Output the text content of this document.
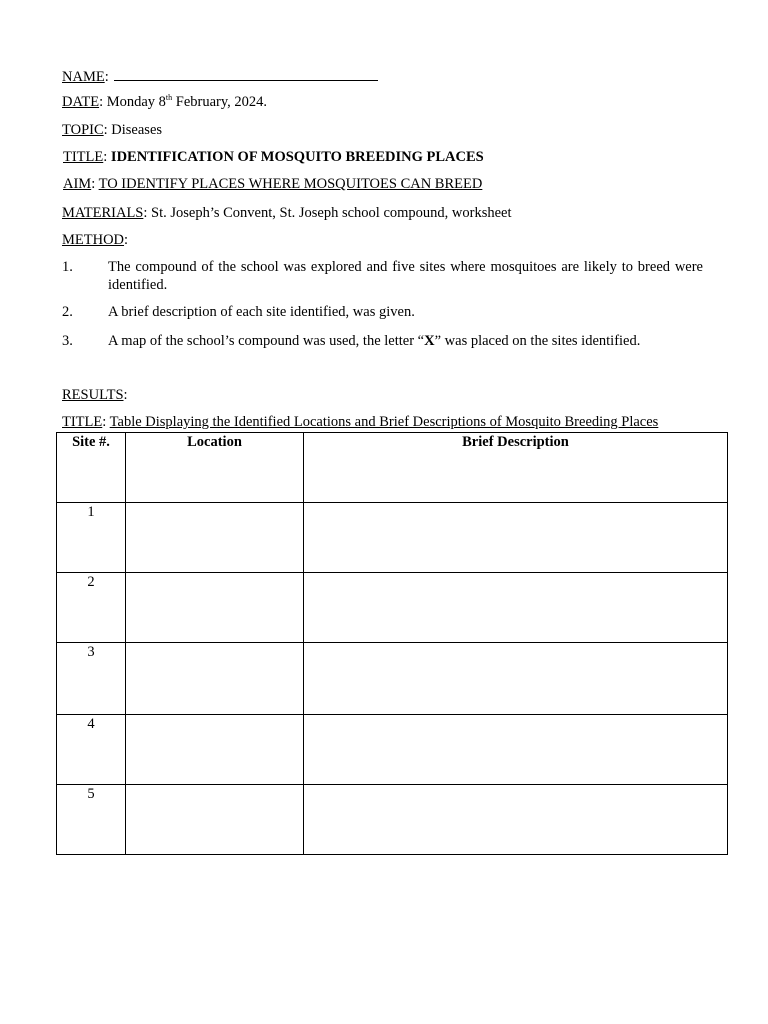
NAME:
DATE: Monday 8th February, 2024.
TOPIC: Diseases
TITLE: IDENTIFICATION OF MOSQUITO BREEDING PLACES
AIM: TO IDENTIFY PLACES WHERE MOSQUITOES CAN BREED
MATERIALS: St. Joseph’s Convent, St. Joseph school compound, worksheet
METHOD:
1. The compound of the school was explored and five sites where mosquitoes are likely to breed were identified.
2. A brief description of each site identified, was given.
3. A map of the school’s compound was used, the letter “X” was placed on the sites identified.
RESULTS:
TITLE: Table Displaying the Identified Locations and Brief Descriptions of Mosquito Breeding Places
Site #.	Location	Brief Description
1		
2		
3		
4		
5		
